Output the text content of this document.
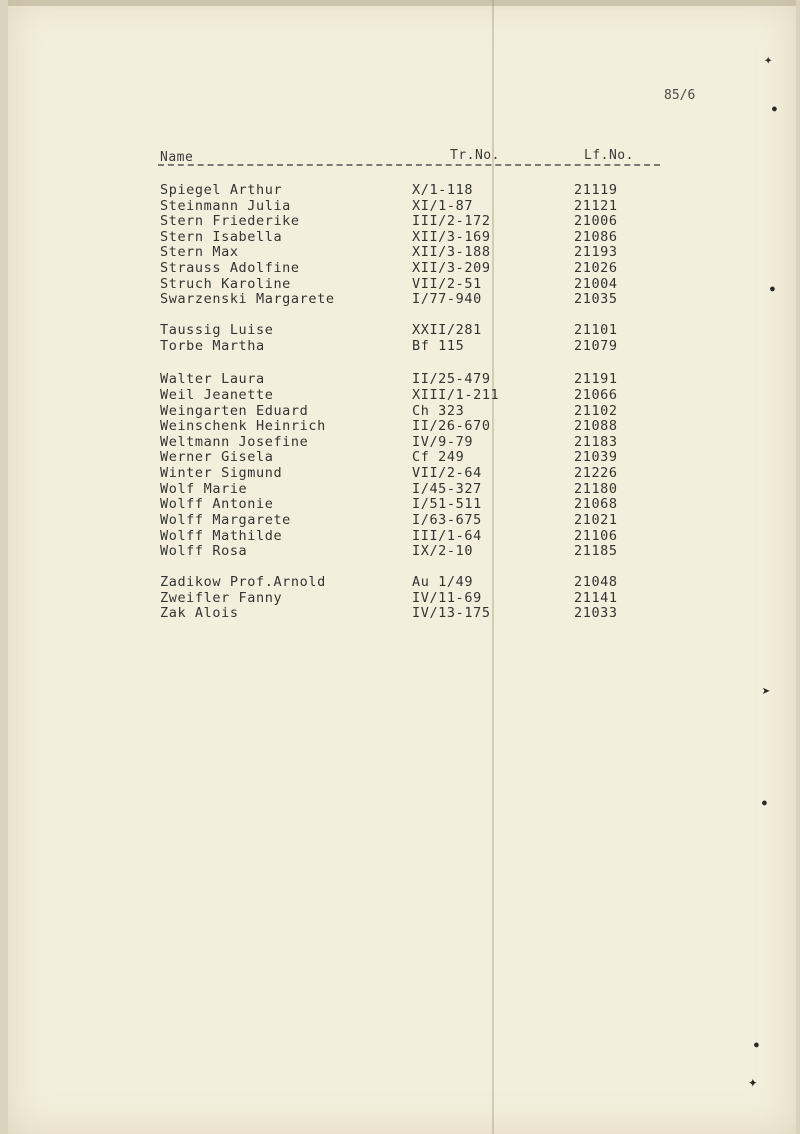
85/6
Name	Tr.No.	Lf.No.
Spiegel Arthur	X/1-118	21119
Steinmann Julia	XI/1-87	21121
Stern Friederike	III/2-172	21006
Stern Isabella	XII/3-169	21086
Stern Max	XII/3-188	21193
Strauss Adolfine	XII/3-209	21026
Struch Karoline	VII/2-51	21004
Swarzenski Margarete	I/77-940	21035
Taussig Luise	XXII/281	21101
Torbe Martha	Bf 115	21079
Walter Laura	II/25-479	21191
Weil Jeanette	XIII/1-211	21066
Weingarten Eduard	Ch 323	21102
Weinschenk Heinrich	II/26-670	21088
Weltmann Josefine	IV/9-79	21183
Werner Gisela	Cf 249	21039
Winter Sigmund	VII/2-64	21226
Wolf Marie	I/45-327	21180
Wolff Antonie	I/51-511	21068
Wolff Margarete	I/63-675	21021
Wolff Mathilde	III/1-64	21106
Wolff Rosa	IX/2-10	21185
Zadikow Prof.Arnold	Au 1/49	21048
Zweifler Fanny	IV/11-69	21141
Zak Alois	IV/13-175	21033
✦
●
●
➤
●
●
✦
